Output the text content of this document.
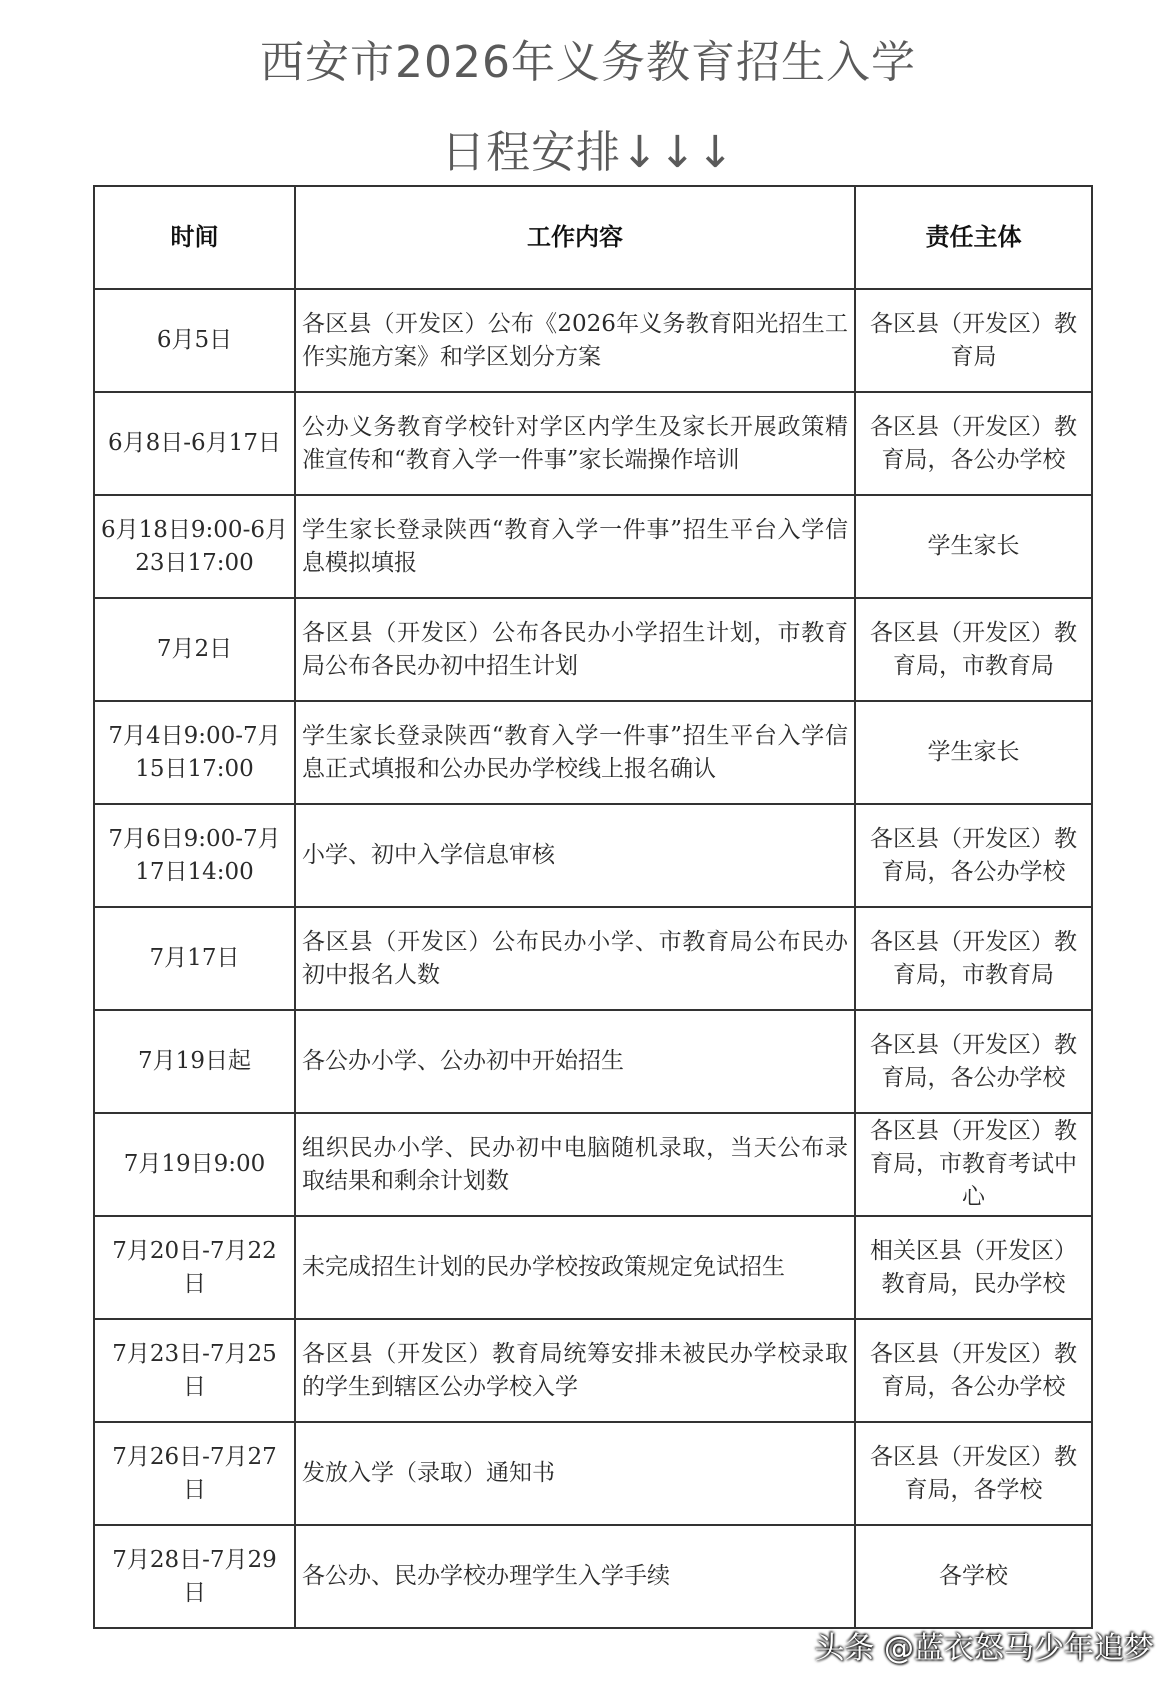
西安市2026年义务教育招生入学
日程安排↓↓↓
时间	工作内容	责任主体
6月5日	各区县（开发区）公布《2026年义务教育阳光招生工作实施方案》和学区划分方案	各区县（开发区）教育局
6月8日-6月17日	公办义务教育学校针对学区内学生及家长开展政策精准宣传和“教育入学一件事”家长端操作培训	各区县（开发区）教育局，各公办学校
6月18日9:00-6月23日17:00	学生家长登录陕西“教育入学一件事”招生平台入学信息模拟填报	学生家长
7月2日	各区县（开发区）公布各民办小学招生计划，市教育局公布各民办初中招生计划	各区县（开发区）教育局，市教育局
7月4日9:00-7月15日17:00	学生家长登录陕西“教育入学一件事”招生平台入学信息正式填报和公办民办学校线上报名确认	学生家长
7月6日9:00-7月17日14:00	小学、初中入学信息审核	各区县（开发区）教育局，各公办学校
7月17日	各区县（开发区）公布民办小学、市教育局公布民办初中报名人数	各区县（开发区）教育局，市教育局
7月19日起	各公办小学、公办初中开始招生	各区县（开发区）教育局，各公办学校
7月19日9:00	组织民办小学、民办初中电脑随机录取，当天公布录取结果和剩余计划数	各区县（开发区）教育局，市教育考试中心
7月20日-7月22日	未完成招生计划的民办学校按政策规定免试招生	相关区县（开发区）教育局，民办学校
7月23日-7月25日	各区县（开发区）教育局统筹安排未被民办学校录取的学生到辖区公办学校入学	各区县（开发区）教育局，各公办学校
7月26日-7月27日	发放入学（录取）通知书	各区县（开发区）教育局，各学校
7月28日-7月29日	各公办、民办学校办理学生入学手续	各学校
头条 @蓝衣怒马少年追梦
